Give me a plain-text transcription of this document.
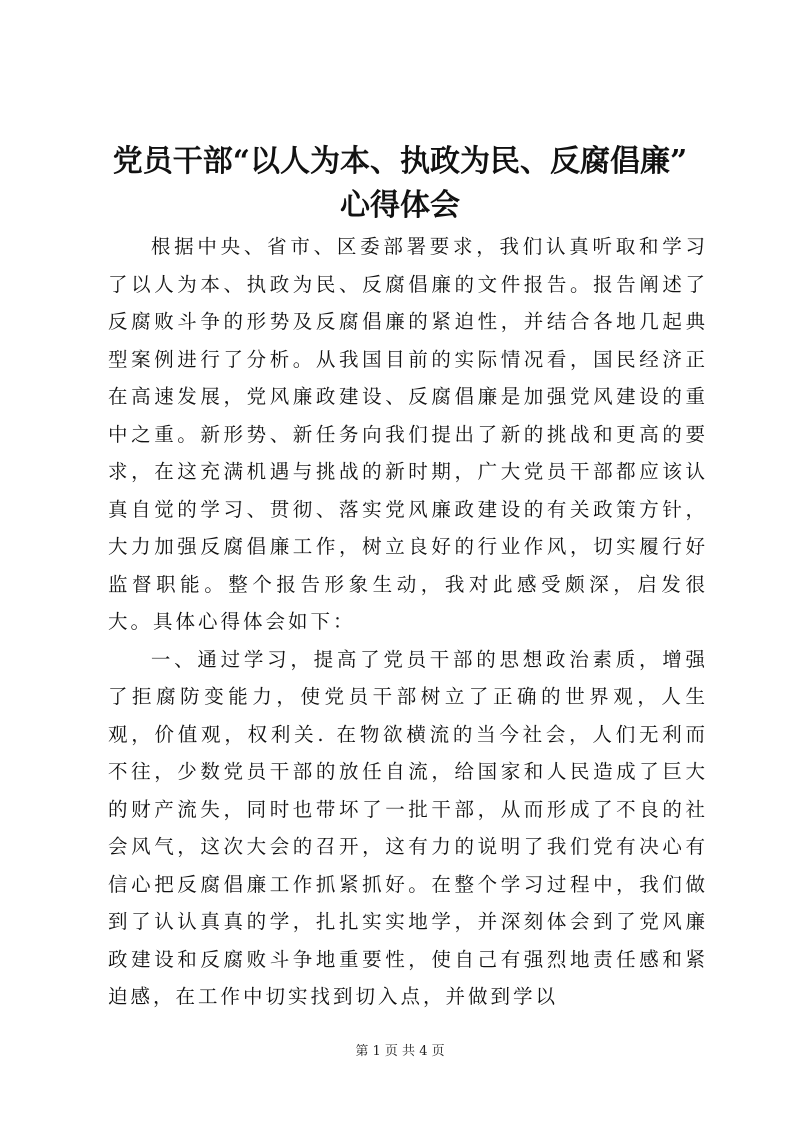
党员干部“以人为本、执政为民、反腐倡廉”
心得体会

根据中央、省市、区委部署要求，我们认真听取和学习了以人为本、执政为民、反腐倡廉的文件报告。报告阐述了反腐败斗争的形势及反腐倡廉的紧迫性，并结合各地几起典型案例进行了分析。从我国目前的实际情况看，国民经济正在高速发展，党风廉政建设、反腐倡廉是加强党风建设的重中之重。新形势、新任务向我们提出了新的挑战和更高的要求，在这充满机遇与挑战的新时期，广大党员干部都应该认真自觉的学习、贯彻、落实党风廉政建设的有关政策方针，大力加强反腐倡廉工作，树立良好的行业作风，切实履行好监督职能。整个报告形象生动，我对此感受颇深，启发很大。具体心得体会如下：

一、通过学习，提高了党员干部的思想政治素质，增强了拒腐防变能力，使党员干部树立了正确的世界观，人生观，价值观，权利关. 在物欲横流的当今社会，人们无利而不往，少数党员干部的放任自流，给国家和人民造成了巨大的财产流失，同时也带坏了一批干部，从而形成了不良的社会风气，这次大会的召开，这有力的说明了我们党有决心有信心把反腐倡廉工作抓紧抓好。在整个学习过程中，我们做到了认认真真的学，扎扎实实地学，并深刻体会到了党风廉政建设和反腐败斗争地重要性，使自己有强烈地责任感和紧迫感，在工作中切实找到切入点，并做到学以

第 1 页 共 4 页
